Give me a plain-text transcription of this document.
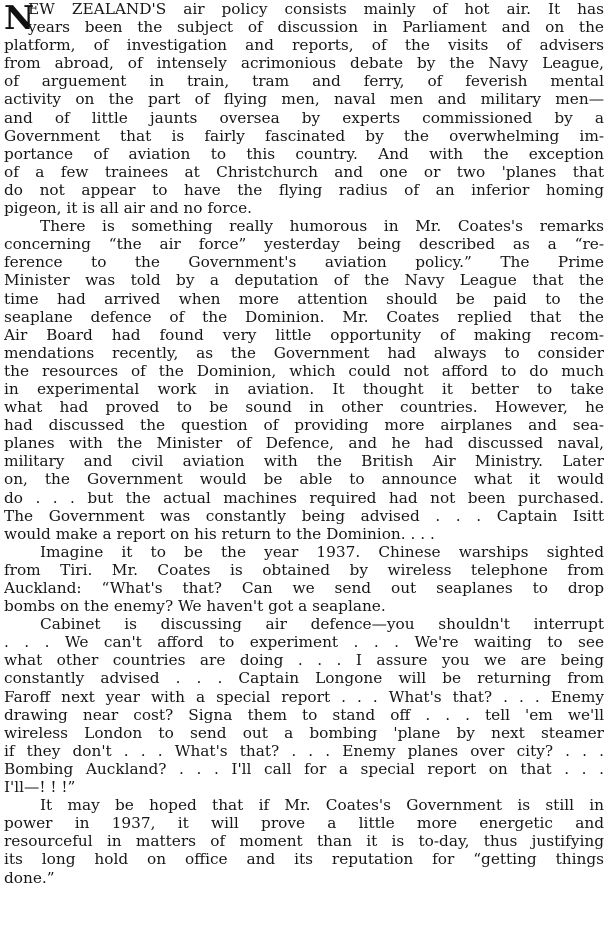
N
EW ZEALAND'S air policy consists mainly of hot air. It has
years been the subject of discussion in Parliament and on the
platform, of investigation and reports, of the visits of advisers
from abroad, of intensely acrimonious debate by the Navy League,
of arguement in train, tram and ferry, of feverish mental
activity on the part of flying men, naval men and military men—
and of little jaunts oversea by experts commissioned by a
Government that is fairly fascinated by the overwhelming im-
portance of aviation to this country. And with the exception
of a few trainees at Christchurch and one or two 'planes that
do not appear to have the flying radius of an inferior homing
pigeon, it is all air and no force.
There is something really humorous in Mr. Coates's remarks
concerning “the air force” yesterday being described as a “re-
ference to the Government's aviation policy.” The Prime
Minister was told by a deputation of the Navy League that the
time had arrived when more attention should be paid to the
seaplane defence of the Dominion. Mr. Coates replied that the
Air Board had found very little opportunity of making recom-
mendations recently, as the Government had always to consider
the resources of the Dominion, which could not afford to do much
in experimental work in aviation. It thought it better to take
what had proved to be sound in other countries. However, he
had discussed the question of providing more airplanes and sea-
planes with the Minister of Defence, and he had discussed naval,
military and civil aviation with the British Air Ministry. Later
on, the Government would be able to announce what it would
do . . . but the actual machines required had not been purchased.
The Government was constantly being advised . . . Captain Isitt
would make a report on his return to the Dominion. . . .
Imagine it to be the year 1937. Chinese warships sighted
from Tiri. Mr. Coates is obtained by wireless telephone from
Auckland: “What's that? Can we send out seaplanes to drop
bombs on the enemy? We haven't got a seaplane.
Cabinet is discussing air defence—you shouldn't interrupt
. . . We can't afford to experiment . . . We're waiting to see
what other countries are doing . . . I assure you we are being
constantly advised . . . Captain Longone will be returning from
Faroff next year with a special report . . . What's that? . . . Enemy
drawing near cost? Signa them to stand off . . . tell 'em we'll
wireless London to send out a bombing 'plane by next steamer
if they don't . . . What's that? . . . Enemy planes over city? . . .
Bombing Auckland? . . . I'll call for a special report on that . . .
I'll—! ! !”
It may be hoped that if Mr. Coates's Government is still in
power in 1937, it will prove a little more energetic and
resourceful in matters of moment than it is to-day, thus justifying
its long hold on office and its reputation for “getting things
done.”
